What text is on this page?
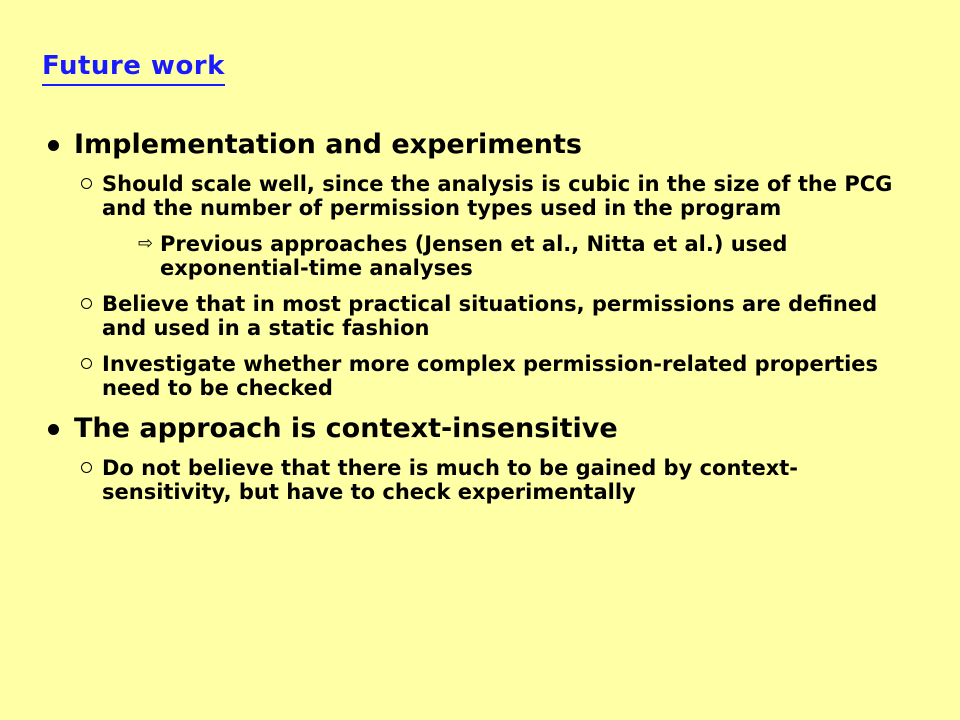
Future work
Implementation and experiments
Should scale well, since the analysis is cubic in the size of the PCG and the number of permission types used in the program
⇨ Previous approaches (Jensen et al., Nitta et al.) used exponential-time analyses
Believe that in most practical situations, permissions are defined and used in a static fashion
Investigate whether more complex permission-related properties need to be checked
The approach is context-insensitive
Do not believe that there is much to be gained by context-sensitivity, but have to check experimentally
